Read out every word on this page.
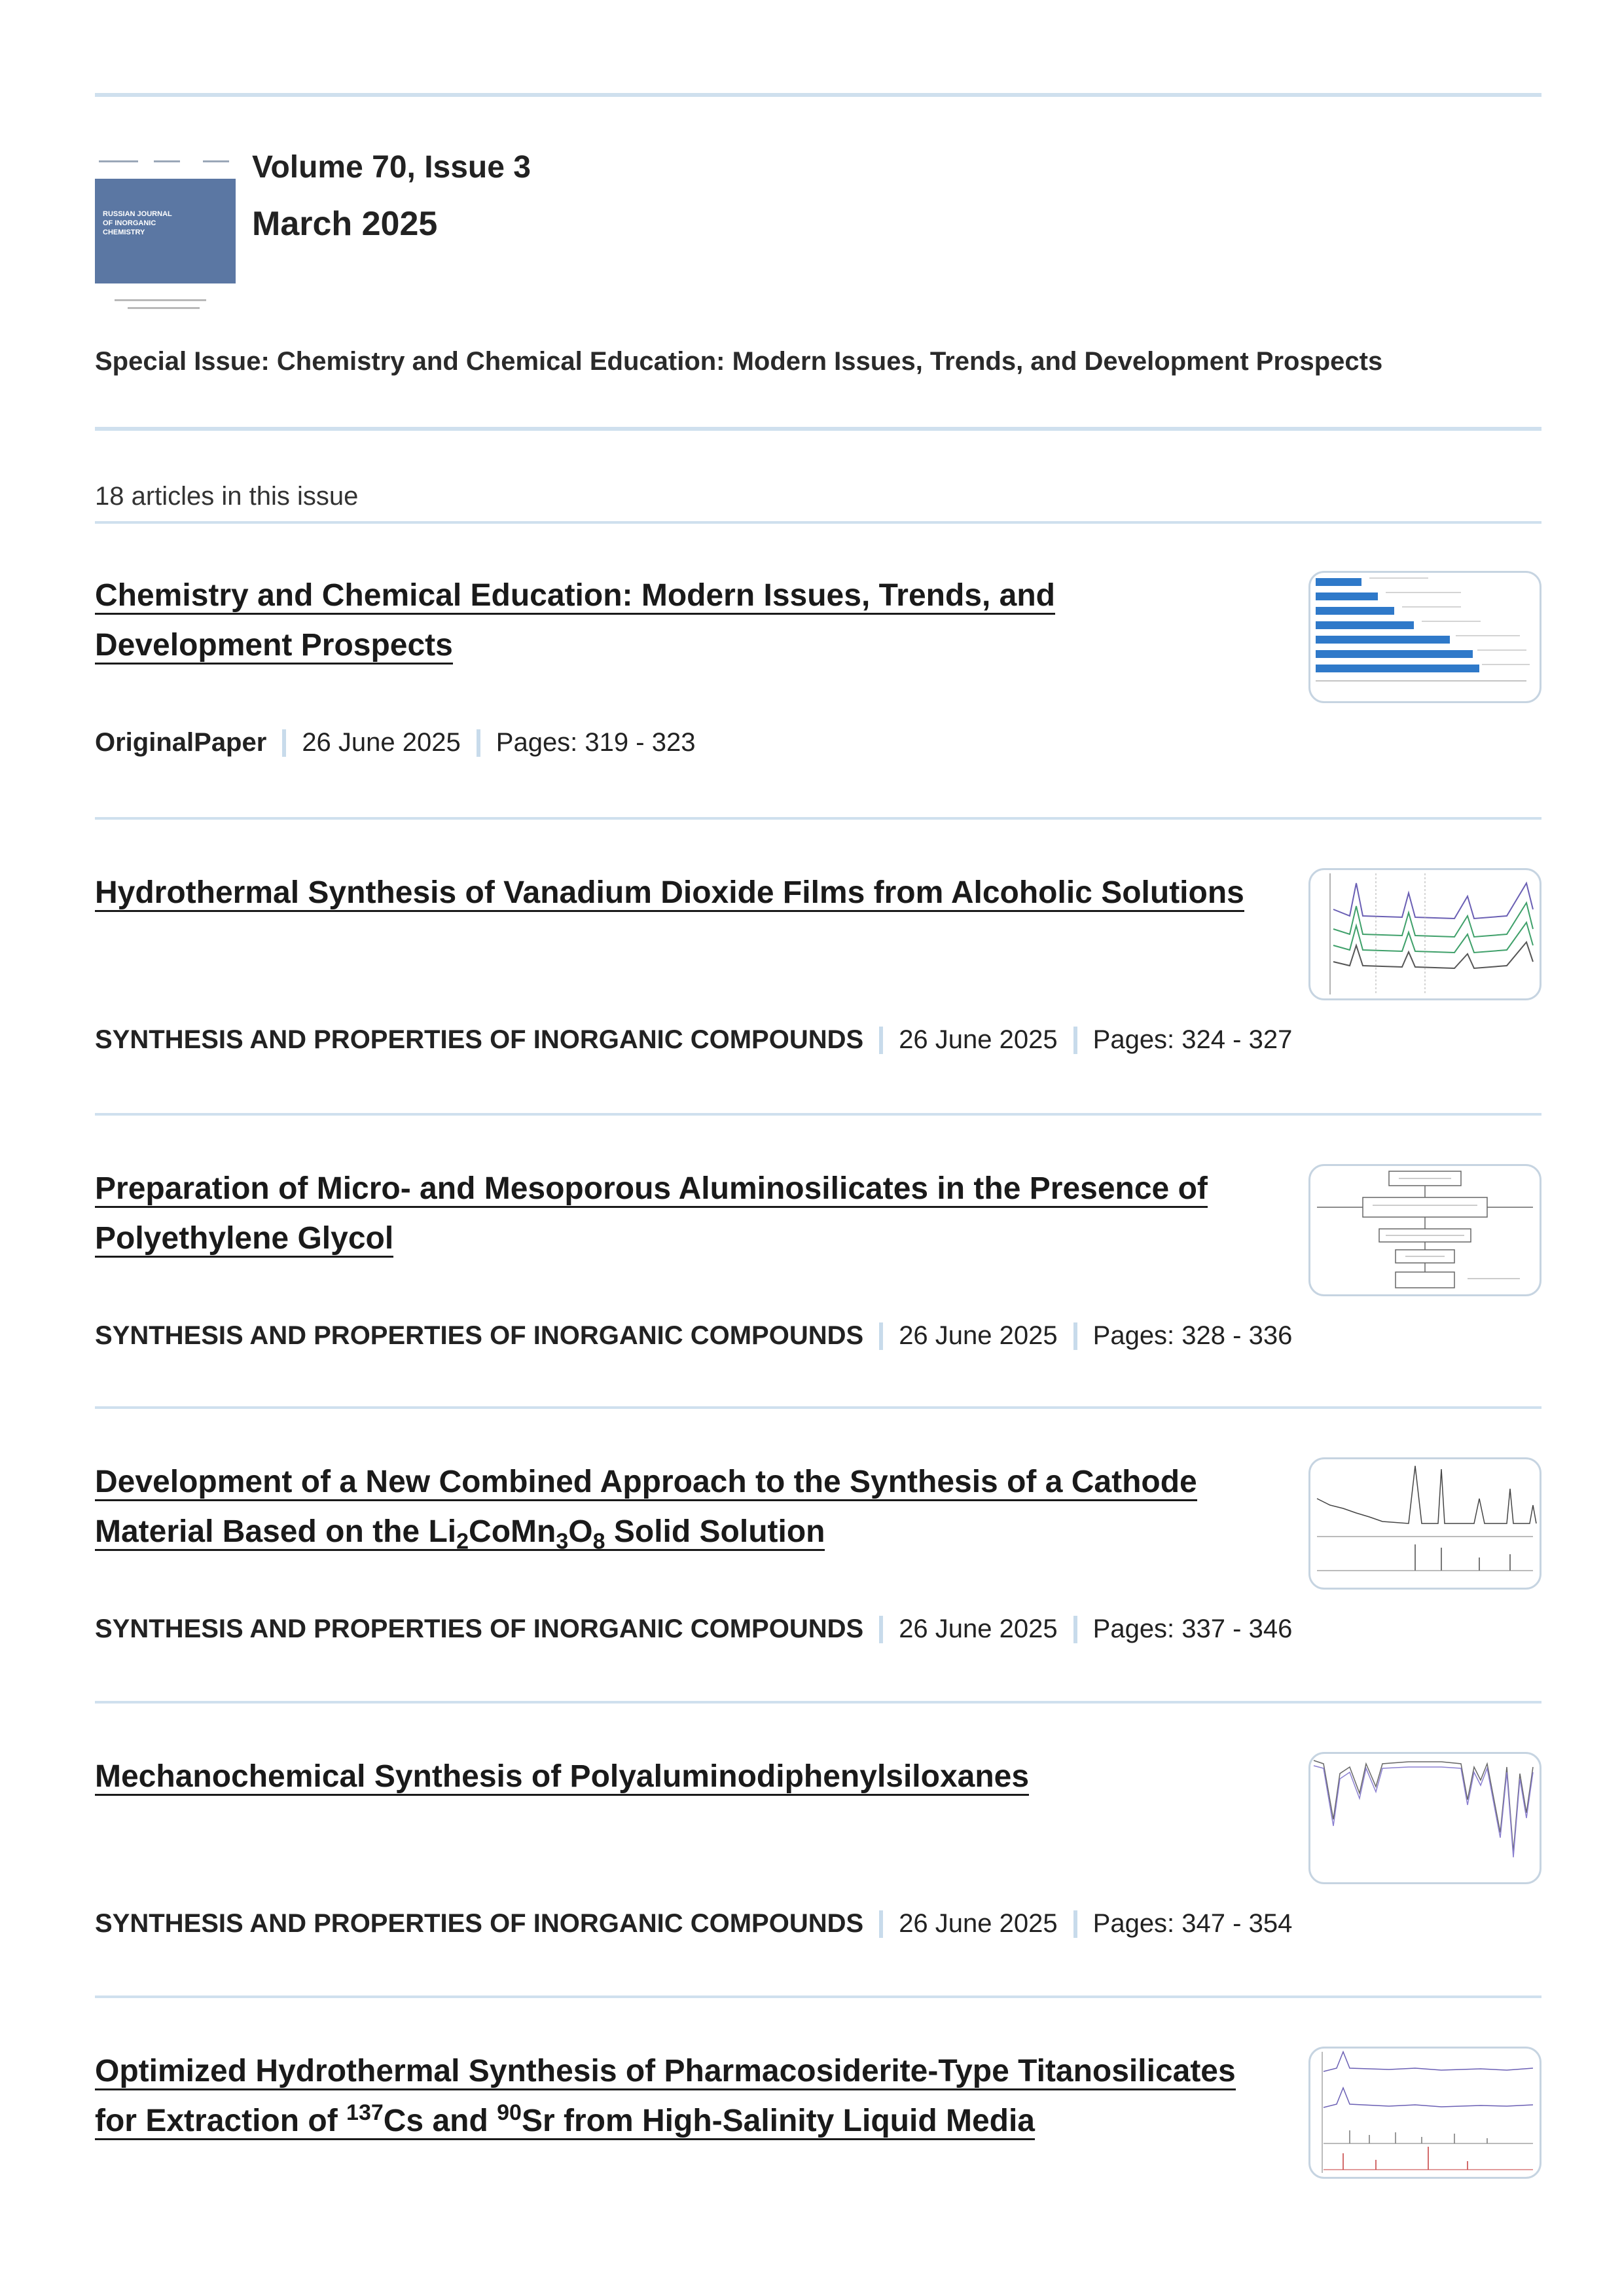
RUSSIAN JOURNAL
OF INORGANIC
CHEMISTRY
Volume 70, Issue 3
March 2025
Special Issue: Chemistry and Chemical Education: Modern Issues, Trends, and Development Prospects
18 articles in this issue
Chemistry and Chemical Education: Modern Issues, Trends, and Development Prospects
OriginalPaper 26 June 2025 Pages: 319 - 323
Hydrothermal Synthesis of Vanadium Dioxide Films from Alcoholic Solutions
SYNTHESIS AND PROPERTIES OF INORGANIC COMPOUNDS 26 June 2025 Pages: 324 - 327
Preparation of Micro- and Mesoporous Aluminosilicates in the Presence of Polyethylene Glycol
SYNTHESIS AND PROPERTIES OF INORGANIC COMPOUNDS 26 June 2025 Pages: 328 - 336
Development of a New Combined Approach to the Synthesis of a Cathode Material Based on the $Li_2CoMn_3O_8$ Solid Solution
SYNTHESIS AND PROPERTIES OF INORGANIC COMPOUNDS 26 June 2025 Pages: 337 - 346
Mechanochemical Synthesis of Polyaluminodiphenylsiloxanes
SYNTHESIS AND PROPERTIES OF INORGANIC COMPOUNDS 26 June 2025 Pages: 347 - 354
Optimized Hydrothermal Synthesis of Pharmacosiderite-Type Titanosilicates for Extraction of $^{137}$Cs and $^{90}$Sr from High-Salinity Liquid Media
